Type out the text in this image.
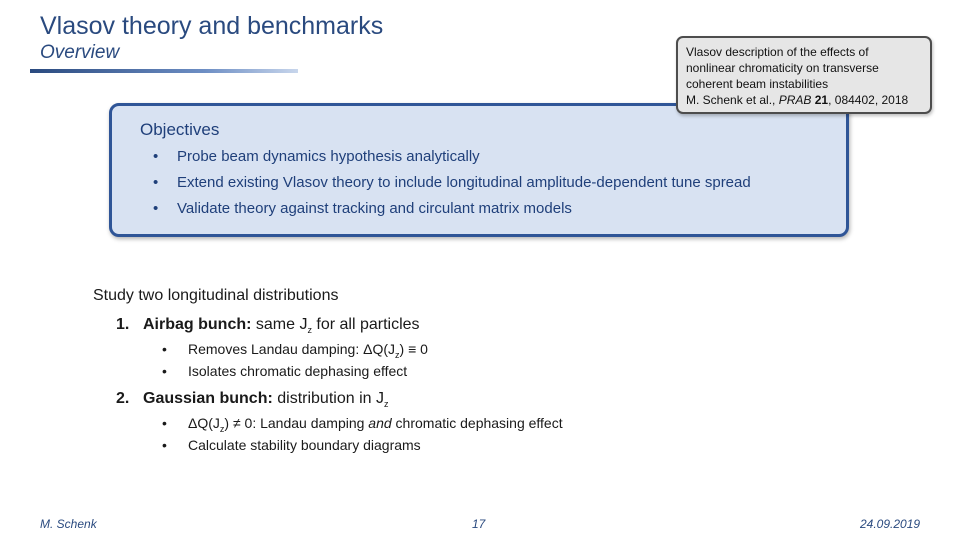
Vlasov theory and benchmarks
Overview	Vlasov description of the effects of
nonlinear chromaticity on transverse
coherent beam instabilities
M. Schenk et al., PRAB 21, 084402, 2018
Objectives
• Probe beam dynamics hypothesis analytically
• Extend existing Vlasov theory to include longitudinal amplitude-dependent tune spread
• Validate theory against tracking and circulant matrix models
Study two longitudinal distributions
1. Airbag bunch: same $J_z$ for all particles
• Removes Landau damping: $\Delta Q(J_z) \equiv 0$
• Isolates chromatic dephasing effect
2. Gaussian bunch: distribution in $J_z$
• $\Delta Q(J_z) \ne 0$: Landau damping and chromatic dephasing effect
• Calculate stability boundary diagrams
M. Schenk	17	24.09.2019
